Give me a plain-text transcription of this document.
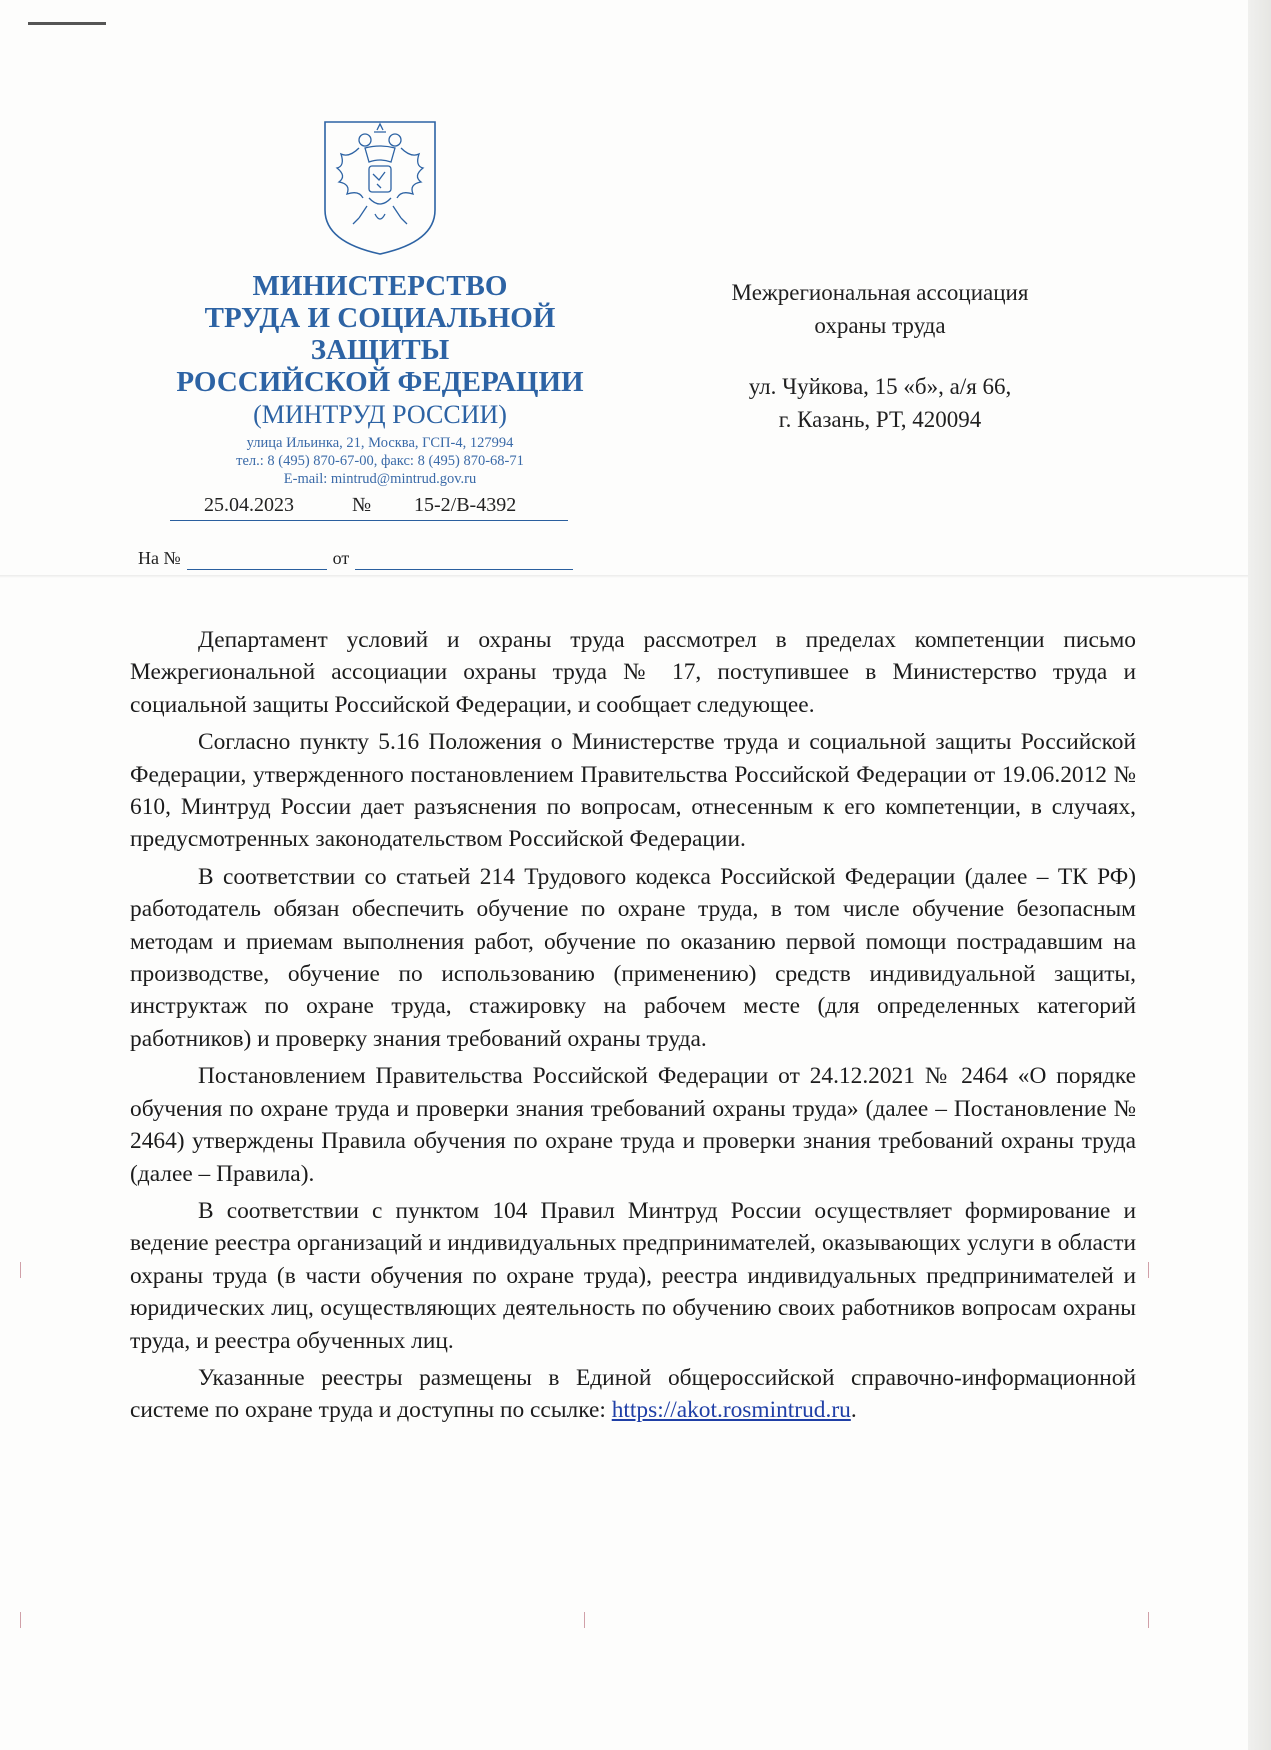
МИНИСТЕРСТВО
ТРУДА И СОЦИАЛЬНОЙ
ЗАЩИТЫ
РОССИЙСКОЙ ФЕДЕРАЦИИ
(МИНТРУД РОССИИ)
улица Ильинка, 21, Москва, ГСП-4, 127994
тел.: 8 (495) 870-67-00, факс: 8 (495) 870-68-71
E-mail: mintrud@mintrud.gov.ru
25.04.2023	№ 15-2/В-4392
На №	от
Межрегиональная ассоциация
охраны труда
ул. Чуйкова, 15 «б», а/я 66,
г. Казань, РТ, 420094

Департамент условий и охраны труда рассмотрел в пределах компетенции письмо Межрегиональной ассоциации охраны труда № 17, поступившее в Министерство труда и социальной защиты Российской Федерации, и сообщает следующее.

Согласно пункту 5.16 Положения о Министерстве труда и социальной защиты Российской Федерации, утвержденного постановлением Правительства Российской Федерации от 19.06.2012 № 610, Минтруд России дает разъяснения по вопросам, отнесенным к его компетенции, в случаях, предусмотренных законодательством Российской Федерации.

В соответствии со статьей 214 Трудового кодекса Российской Федерации (далее – ТК РФ) работодатель обязан обеспечить обучение по охране труда, в том числе обучение безопасным методам и приемам выполнения работ, обучение по оказанию первой помощи пострадавшим на производстве, обучение по использованию (применению) средств индивидуальной защиты, инструктаж по охране труда, стажировку на рабочем месте (для определенных категорий работников) и проверку знания требований охраны труда.

Постановлением Правительства Российской Федерации от 24.12.2021 № 2464 «О порядке обучения по охране труда и проверки знания требований охраны труда» (далее – Постановление № 2464) утверждены Правила обучения по охране труда и проверки знания требований охраны труда (далее – Правила).

В соответствии с пунктом 104 Правил Минтруд России осуществляет формирование и ведение реестра организаций и индивидуальных предпринимателей, оказывающих услуги в области охраны труда (в части обучения по охране труда), реестра индивидуальных предпринимателей и юридических лиц, осуществляющих деятельность по обучению своих работников вопросам охраны труда, и реестра обученных лиц.

Указанные реестры размещены в Единой общероссийской справочно-информационной системе по охране труда и доступны по ссылке: https://akot.rosmintrud.ru.
